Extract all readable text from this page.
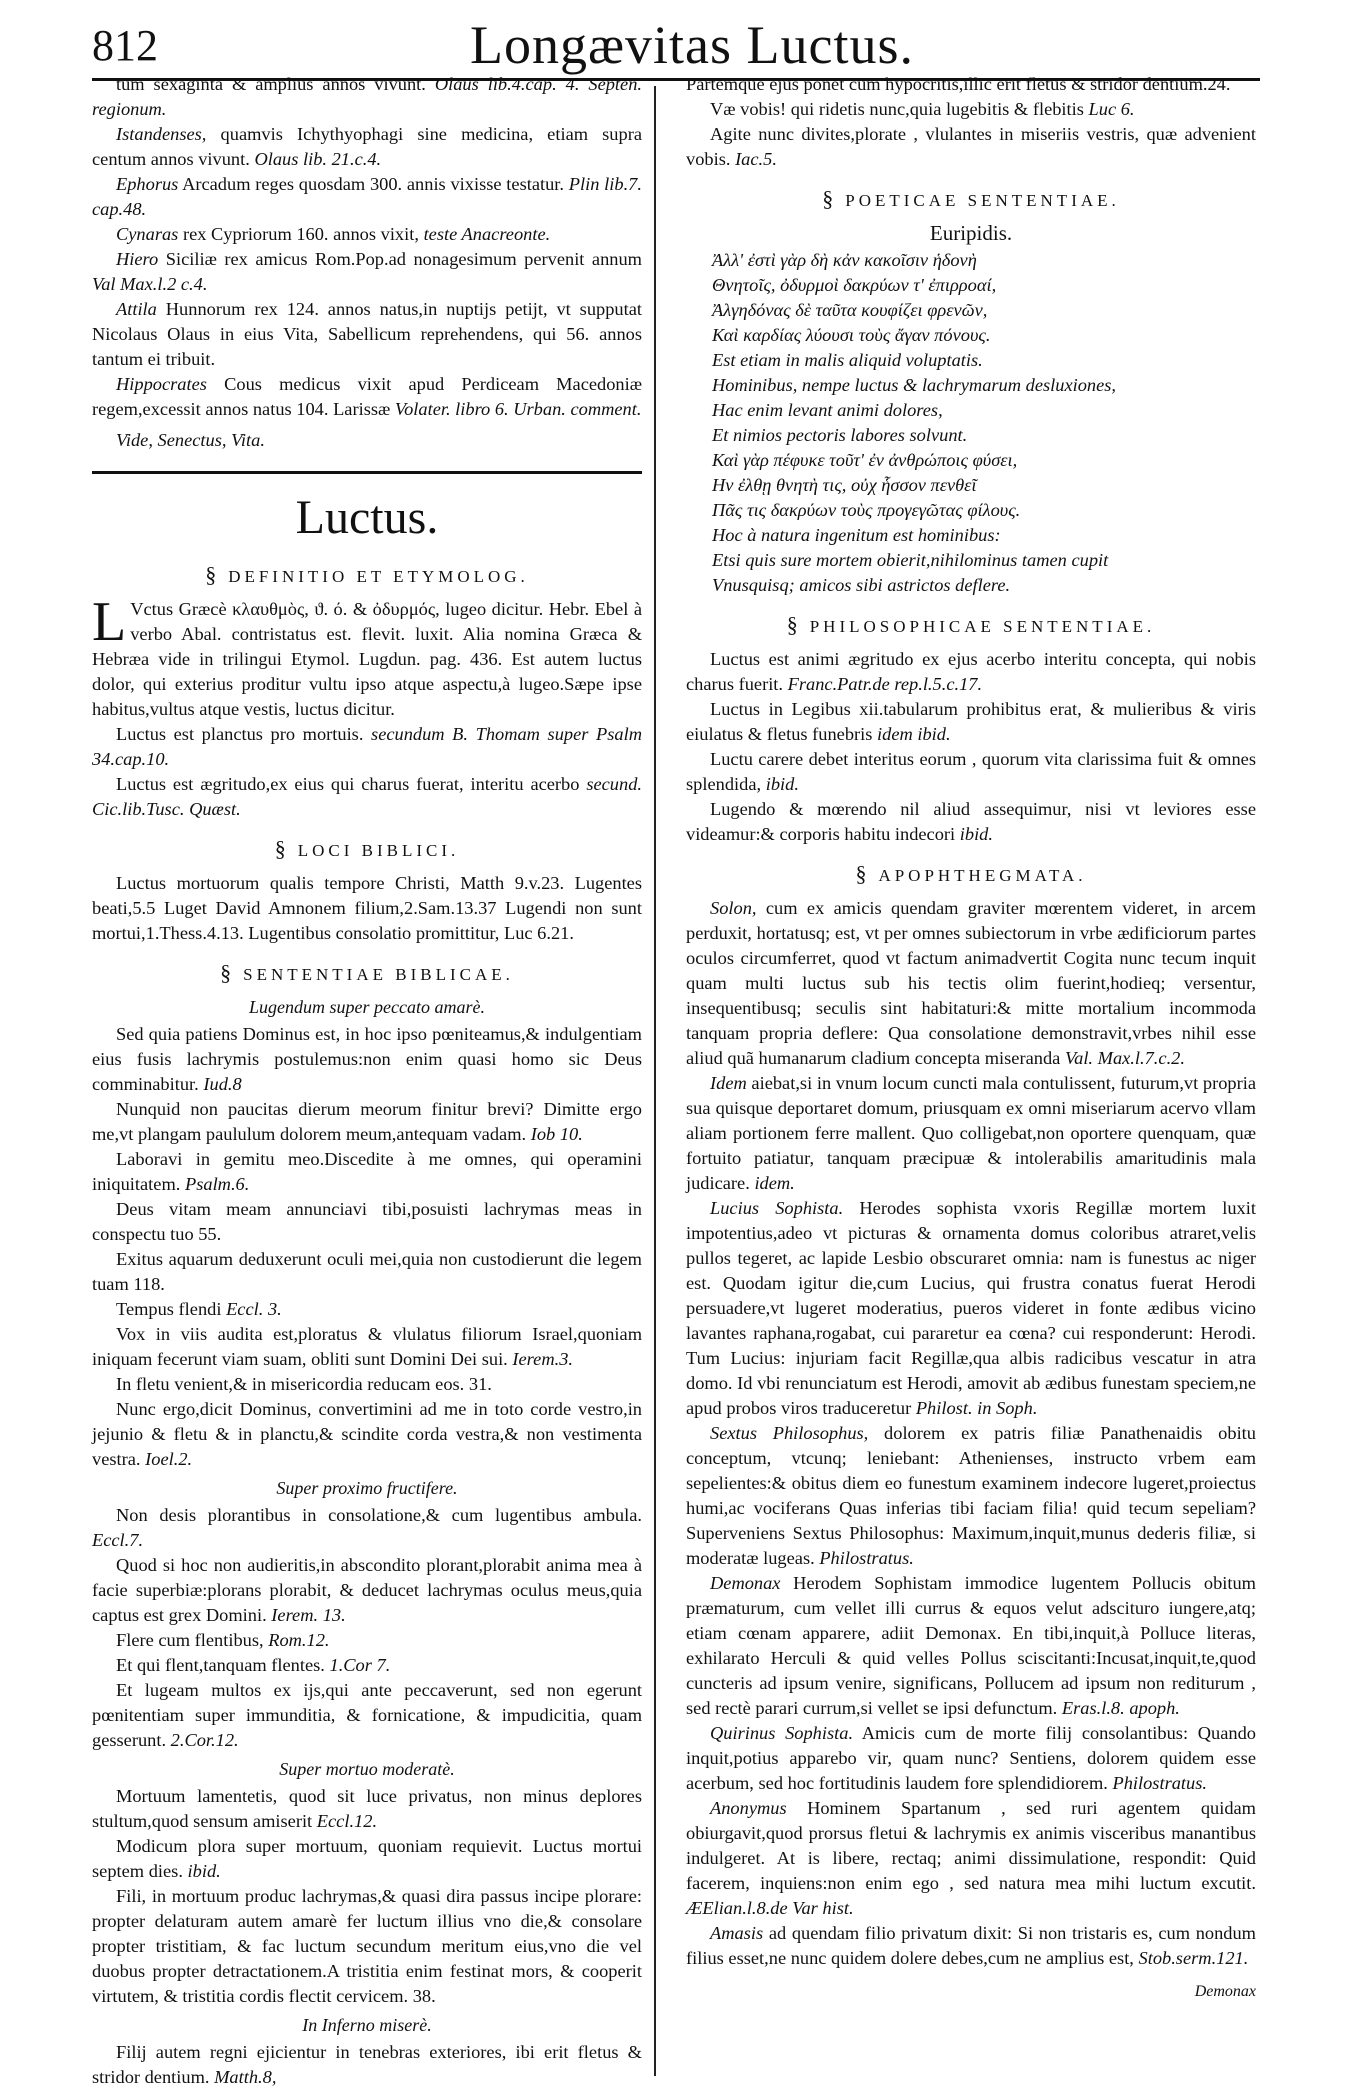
812	Longævitas Luctus.

tum sexaginta & amplius annos vivunt. Olaus lib.4.cap. 4. Septen. regionum.

Istandenses, quamvis Ichythyophagi sine medicina, etiam supra centum annos vivunt. Olaus lib. 21.c.4.

Ephorus Arcadum reges quosdam 300. annis vixisse testatur. Plin lib.7. cap.48.

Cynaras rex Cypriorum 160. annos vixit, teste Anacreonte.

Hiero Siciliæ rex amicus Rom.Pop.ad nonagesimum pervenit annum Val Max.l.2 c.4.

Attila Hunnorum rex 124. annos natus,in nuptijs petijt, vt supputat Nicolaus Olaus in eius Vita, Sabellicum reprehendens, qui 56. annos tantum ei tribuit.

Hippocrates Cous medicus vixit apud Perdiceam Macedoniæ regem,excessit annos natus 104. Larissæ Volater. libro 6. Urban. comment.

Vide, Senectus, Vita.

Luctus.
§ DEFINITIO ET ETYMOLOG.

L Vctus Græcè κλαυθμὸς, ϑ. ό. & ὀδυρμός, lugeo dicitur. Hebr. Ebel à verbo Abal. contristatus est. flevit. luxit. Alia nomina Græca & Hebræa vide in trilingui Etymol. Lugdun. pag. 436. Est autem luctus dolor, qui exterius proditur vultu ipso atque aspectu,à lugeo.Sæpe ipse habitus,vultus atque vestis, luctus dicitur.

Luctus est planctus pro mortuis. secundum B. Thomam super Psalm 34.cap.10.

Luctus est ægritudo,ex eius qui charus fuerat, interitu acerbo secund. Cic.lib.Tusc. Quæst.

§ LOCI BIBLICI.

Luctus mortuorum qualis tempore Christi, Matth 9.v.23. Lugentes beati,5.5 Luget David Amnonem filium,2.Sam.13.37 Lugendi non sunt mortui,1.Thess.4.13. Lugentibus consolatio promittitur, Luc 6.21.

§ SENTENTIAE BIBLICAE.
Lugendum super peccato amarè.

Sed quia patiens Dominus est, in hoc ipso pœniteamus,& indulgentiam eius fusis lachrymis postulemus:non enim quasi homo sic Deus comminabitur. Iud.8

Nunquid non paucitas dierum meorum finitur brevi? Dimitte ergo me,vt plangam paululum dolorem meum,antequam vadam. Iob 10.

Laboravi in gemitu meo.Discedite à me omnes, qui operamini iniquitatem. Psalm.6.

Deus vitam meam annunciavi tibi,posuisti lachrymas meas in conspectu tuo 55.

Exitus aquarum deduxerunt oculi mei,quia non custodierunt die legem tuam 118.

Tempus flendi Eccl. 3.

Vox in viis audita est,ploratus & vlulatus filiorum Israel,quoniam iniquam fecerunt viam suam, obliti sunt Domini Dei sui. Ierem.3.

In fletu venient,& in misericordia reducam eos. 31.

Nunc ergo,dicit Dominus, convertimini ad me in toto corde vestro,in jejunio & fletu & in planctu,& scindite corda vestra,& non vestimenta vestra. Ioel.2.

Super proximo fructifere.

Non desis plorantibus in consolatione,& cum lugentibus ambula. Eccl.7.

Quod si hoc non audieritis,in abscondito plorant,plorabit anima mea à facie superbiæ:plorans plorabit, & deducet lachrymas oculus meus,quia captus est grex Domini. Ierem. 13.

Flere cum flentibus, Rom.12.

Et qui flent,tanquam flentes. 1.Cor 7.

Et lugeam multos ex ijs,qui ante peccaverunt, sed non egerunt pœnitentiam super immunditia, & fornicatione, & impudicitia, quam gesserunt. 2.Cor.12.

Super mortuo moderatè.

Mortuum lamentetis, quod sit luce privatus, non minus deplores stultum,quod sensum amiserit Eccl.12.

Modicum plora super mortuum, quoniam requievit. Luctus mortui septem dies. ibid.

Fili, in mortuum produc lachrymas,& quasi dira passus incipe plorare: propter delaturam autem amarè fer luctum illius vno die,& consolare propter tristitiam, & fac luctum secundum meritum eius,vno die vel duobus propter detractationem.A tristitia enim festinat mors, & cooperit virtutem, & tristitia cordis flectit cervicem. 38.

In Inferno miserè.

Filij autem regni ejicientur in tenebras exteriores, ibi erit fletus & stridor dentium. Matth.8,

Partemque ejus ponet cum hypocritis,illic erit fletus & stridor dentium.24.

Væ vobis! qui ridetis nunc,quia lugebitis & flebitis Luc 6.

Agite nunc divites,plorate , vlulantes in miseriis vestris, quæ advenient vobis. Iac.5.

§ POETICAE SENTENTIAE.
Euripidis.
Ἀλλ' ἐστὶ γὰρ δὴ κἀν κακοῖσιν ἡδονὴ
Θνητοῖς, ὀδυρμοὶ δακρύων τ' ἐπιρροαί,
Ἀλγηδόνας δὲ ταῦτα κουφίζει φρενῶν,
Καὶ καρδίας λύουσι τοὺς ἄγαν πόνους.
Est etiam in malis aliquid voluptatis.
Hominibus, nempe luctus & lachrymarum desluxiones,
Hac enim levant animi dolores,
Et nimios pectoris labores solvunt.
Καὶ γὰρ πέφυκε τοῦτ' ἐν ἀνθρώποις φύσει,
Ην ἐλθῃ θνητὴ τις, οὐχ ἧσσον πενθεῖ
Πᾶς τις δακρύων τοὺς προγεγῶτας φίλους.
Hoc à natura ingenitum est hominibus:
Etsi quis sure mortem obierit,nihilominus tamen cupit
Vnusquisq; amicos sibi astrictos deflere.
§ PHILOSOPHICAE SENTENTIAE.

Luctus est animi ægritudo ex ejus acerbo interitu concepta, qui nobis charus fuerit. Franc.Patr.de rep.l.5.c.17.

Luctus in Legibus xii.tabularum prohibitus erat, & mulieribus & viris eiulatus & fletus funebris idem ibid.

Luctu carere debet interitus eorum , quorum vita clarissima fuit & omnes splendida, ibid.

Lugendo & mœrendo nil aliud assequimur, nisi vt leviores esse videamur:& corporis habitu indecori ibid.

§ APOPHTHEGMATA.

Solon, cum ex amicis quendam graviter mœrentem videret, in arcem perduxit, hortatusq; est, vt per omnes subiectorum in vrbe ædificiorum partes oculos circumferret, quod vt factum animadvertit Cogita nunc tecum inquit quam multi luctus sub his tectis olim fuerint,hodieq; versentur, insequentibusq; seculis sint habitaturi:& mitte mortalium incommoda tanquam propria deflere: Qua consolatione demonstravit,vrbes nihil esse aliud quã humanarum cladium concepta miseranda Val. Max.l.7.c.2.

Idem aiebat,si in vnum locum cuncti mala contulissent, futurum,vt propria sua quisque deportaret domum, priusquam ex omni miseriarum acervo vllam aliam portionem ferre mallent. Quo colligebat,non oportere quenquam, quæ fortuito patiatur, tanquam præcipuæ & intolerabilis amaritudinis mala judicare. idem.

Lucius Sophista. Herodes sophista vxoris Regillæ mortem luxit impotentius,adeo vt picturas & ornamenta domus coloribus atraret,velis pullos tegeret, ac lapide Lesbio obscuraret omnia: nam is funestus ac niger est. Quodam igitur die,cum Lucius, qui frustra conatus fuerat Herodi persuadere,vt lugeret moderatius, pueros videret in fonte ædibus vicino lavantes raphana,rogabat, cui pararetur ea cœna? cui responderunt: Herodi. Tum Lucius: injuriam facit Regillæ,qua albis radicibus vescatur in atra domo. Id vbi renunciatum est Herodi, amovit ab ædibus funestam speciem,ne apud probos viros traduceretur Philost. in Soph.

Sextus Philosophus, dolorem ex patris filiæ Panathenaidis obitu conceptum, vtcunq; leniebant: Athenienses, instructo vrbem eam sepelientes:& obitus diem eo funestum examinem indecore lugeret,proiectus humi,ac vociferans Quas inferias tibi faciam filia! quid tecum sepeliam? Superveniens Sextus Philosophus: Maximum,inquit,munus dederis filiæ, si moderatæ lugeas. Philostratus.

Demonax Herodem Sophistam immodice lugentem Pollucis obitum præmaturum, cum vellet illi currus & equos velut adscituro iungere,atq; etiam cœnam apparere, adiit Demonax. En tibi,inquit,à Polluce literas, exhilarato Herculi & quid velles Pollus sciscitanti:Incusat,inquit,te,quod cuncteris ad ipsum venire, significans, Pollucem ad ipsum non rediturum , sed rectè parari currum,si vellet se ipsi defunctum. Eras.l.8. apoph.

Quirinus Sophista. Amicis cum de morte filij consolantibus: Quando inquit,potius apparebo vir, quam nunc? Sentiens, dolorem quidem esse acerbum, sed hoc fortitudinis laudem fore splendidiorem. Philostratus.

Anonymus Hominem Spartanum , sed ruri agentem quidam obiurgavit,quod prorsus fletui & lachrymis ex animis visceribus manantibus indulgeret. At is libere, rectaq; animi dissimulatione, respondit: Quid facerem, inquiens:non enim ego , sed natura mea mihi luctum excutit. ÆElian.l.8.de Var hist.

Amasis ad quendam filio privatum dixit: Si non tristaris es, cum nondum filius esset,ne nunc quidem dolere debes,cum ne amplius est, Stob.serm.121.

Demonax
